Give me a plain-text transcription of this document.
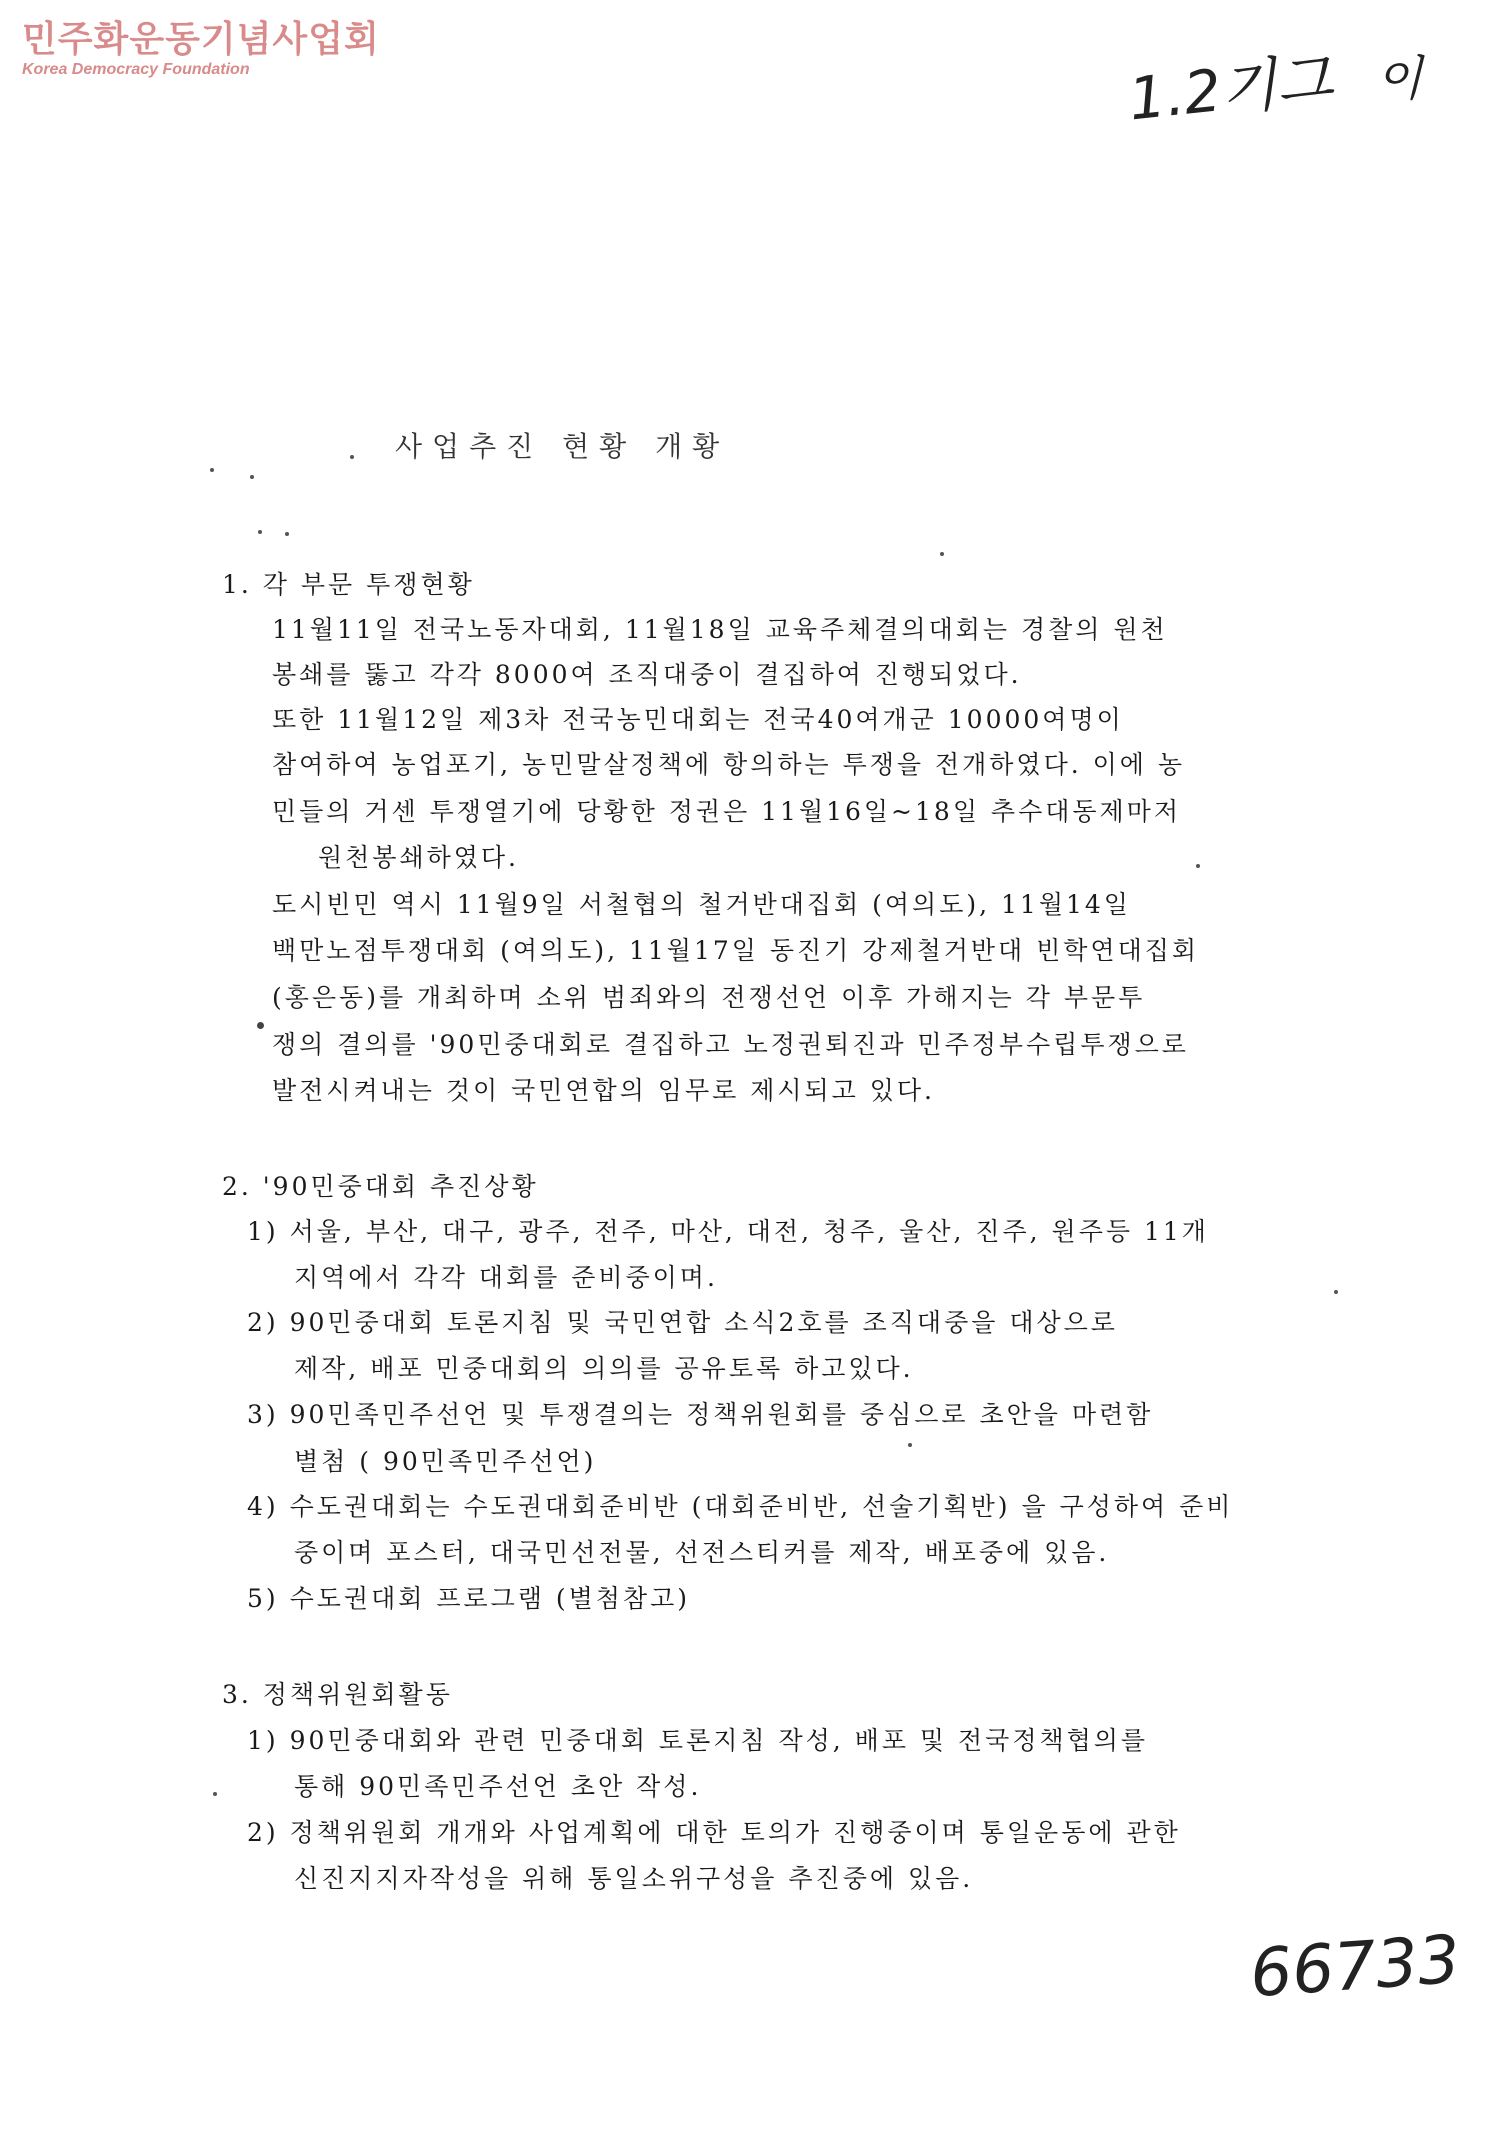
민주화운동기념사업회
Korea Democracy Foundation	1.2기그 이
66733
사업추진 현황 개황
1. 각 부문 투쟁현황
11월11일 전국노동자대회, 11월18일 교육주체결의대회는 경찰의 원천
봉쇄를 뚫고 각각 8000여 조직대중이 결집하여 진행되었다.
또한 11월12일 제3차 전국농민대회는 전국40여개군 10000여명이
참여하여 농업포기, 농민말살정책에 항의하는 투쟁을 전개하였다. 이에 농
민들의 거센 투쟁열기에 당황한 정권은 11월16일~18일 추수대동제마저
원천봉쇄하였다.
도시빈민 역시 11월9일 서철협의 철거반대집회 (여의도), 11월14일
백만노점투쟁대회 (여의도), 11월17일 동진기 강제철거반대 빈학연대집회
(홍은동)를 개최하며 소위 범죄와의 전쟁선언 이후 가해지는 각 부문투
쟁의 결의를 '90민중대회로 결집하고 노정권퇴진과 민주정부수립투쟁으로
발전시켜내는 것이 국민연합의 임무로 제시되고 있다.
2. '90민중대회 추진상황
1) 서울, 부산, 대구, 광주, 전주, 마산, 대전, 청주, 울산, 진주, 원주등 11개
지역에서 각각 대회를 준비중이며.
2) 90민중대회 토론지침 및 국민연합 소식2호를 조직대중을 대상으로
제작, 배포 민중대회의 의의를 공유토록 하고있다.
3) 90민족민주선언 및 투쟁결의는 정책위원회를 중심으로 초안을 마련함
별첨 ( 90민족민주선언)
4) 수도권대회는 수도권대회준비반 (대회준비반, 선술기획반) 을 구성하여 준비
중이며 포스터, 대국민선전물, 선전스티커를 제작, 배포중에 있음.
5) 수도권대회 프로그램 (별첨참고)
3. 정책위원회활동
1) 90민중대회와 관련 민중대회 토론지침 작성, 배포 및 전국정책협의를
통해 90민족민주선언 초안 작성.
2) 정책위원회 개개와 사업계획에 대한 토의가 진행중이며 통일운동에 관한
신진지지자작성을 위해 통일소위구성을 추진중에 있음.
